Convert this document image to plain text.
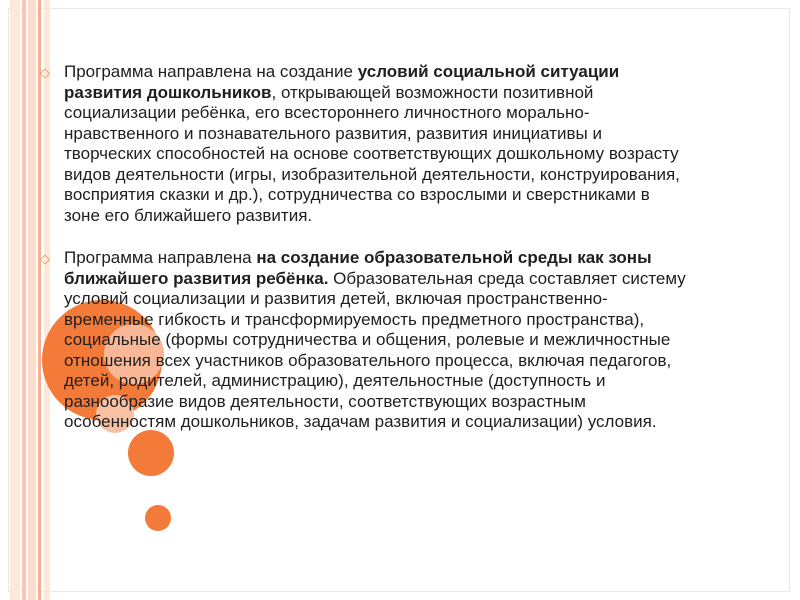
◇ Программа направлена на создание условий социальной ситуации развития дошкольников, открывающей возможности позитивной социализации ребёнка, его всестороннего личностного морально-нравственного и познавательного развития, развития инициативы и творческих способностей на основе соответствующих дошкольному возрасту видов деятельности (игры, изобразительной деятельности, конструирования, восприятия сказки и др.), сотрудничества со взрослыми и сверстниками в зоне его ближайшего развития.
◇ Программа направлена на создание образовательной среды как зоны ближайшего развития ребёнка. Образовательная среда составляет систему условий социализации и развития детей, включая пространственно-временные гибкость и трансформируемость предметного пространства), социальные (формы сотрудничества и общения, ролевые и межличностные отношения всех участников образовательного процесса, включая педагогов, детей, родителей, администрацию), деятельностные (доступность и разнообразие видов деятельности, соответствующих возрастным особенностям дошкольников, задачам развития и социализации) условия.
